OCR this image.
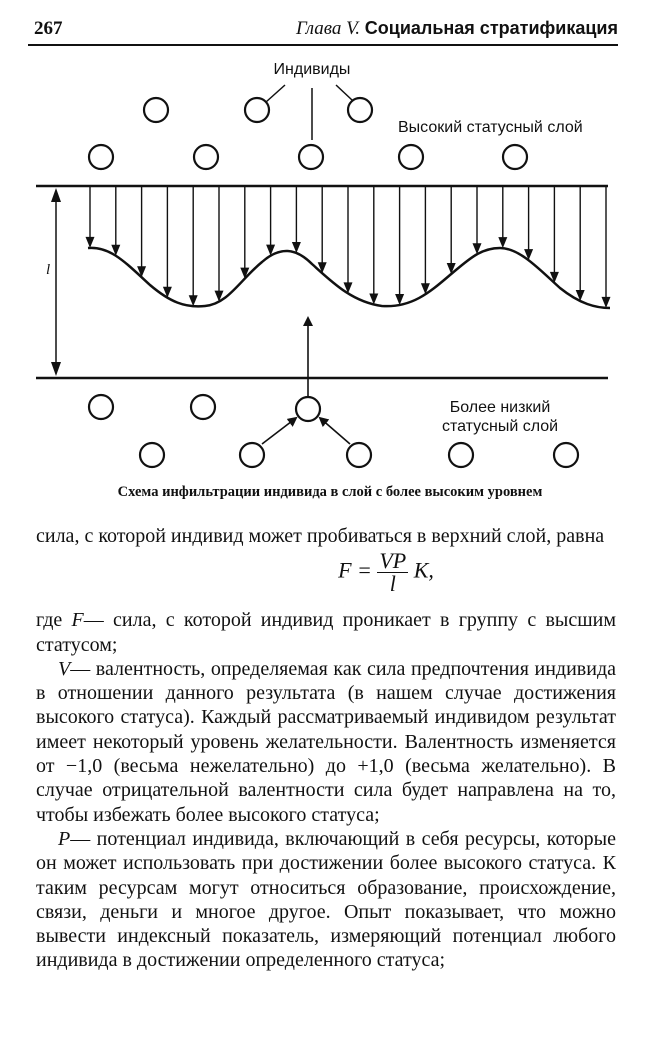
267	Глава V. Социальная стратификация
Индивиды
Высокий статусный слой
l
Более низкий
статусный слой
Схема инфильтрации индивида в слой с более высоким уровнем

сила, с которой индивид может пробиваться в верхний слой, равна

$F = \frac{VP}{l} K$,

где F— сила, с которой индивид проникает в группу с высшим статусом;

V— валентность, определяемая как сила предпочтения индивида в отношении данного результата (в нашем случае достижения высокого статуса). Каждый рассматриваемый индивидом результат имеет некоторый уровень желательности. Валентность изменяется от −1,0 (весьма нежелательно) до +1,0 (весьма желательно). В случае отрицательной валентности сила будет направлена на то, чтобы избежать более высокого статуса;

P— потенциал индивида, включающий в себя ресурсы, которые он может использовать при достижении более высокого статуса. К таким ресурсам могут относиться образование, происхождение, связи, деньги и многое другое. Опыт показывает, что можно вывести индексный показатель, измеряющий потенциал любого индивида в достижении определенного статуса;
